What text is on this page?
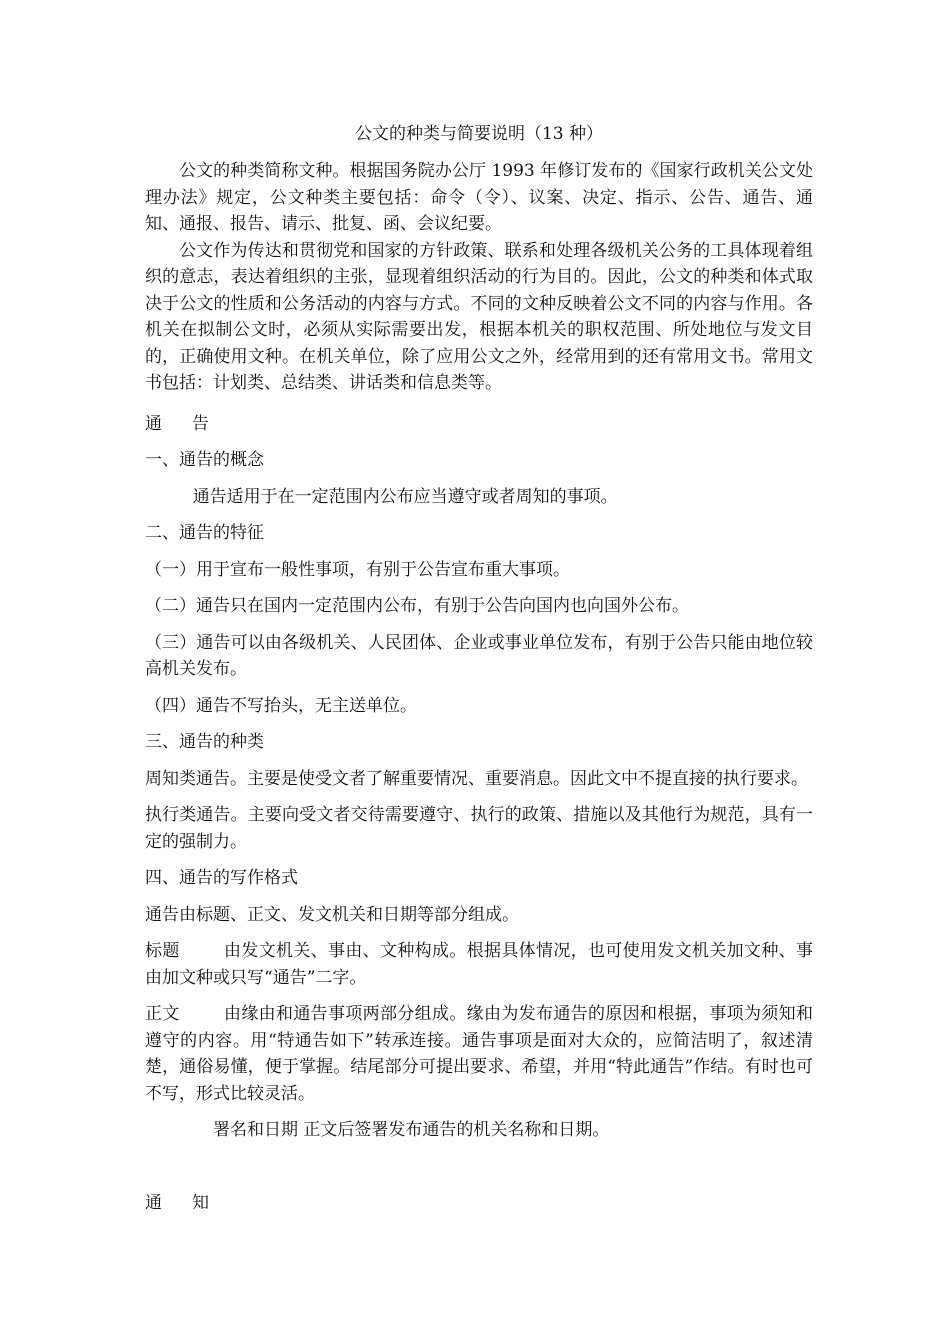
公文的种类与简要说明（13 种）

公文的种类简称文种。根据国务院办公厅 1993 年修订发布的《国家行政机关公文处理办法》规定，公文种类主要包括：命令（令）、议案、决定、指示、公告、通告、通知、通报、报告、请示、批复、函、会议纪要。

公文作为传达和贯彻党和国家的方针政策、联系和处理各级机关公务的工具体现着组织的意志，表达着组织的主张，显现着组织活动的行为目的。因此，公文的种类和体式取决于公文的性质和公务活动的内容与方式。不同的文种反映着公文不同的内容与作用。各机关在拟制公文时，必须从实际需要出发，根据本机关的职权范围、所处地位与发文目的，正确使用文种。在机关单位，除了应用公文之外，经常用到的还有常用文书。常用文书包括：计划类、总结类、讲话类和信息类等。

通 告

一、通告的概念

通告适用于在一定范围内公布应当遵守或者周知的事项。

二、通告的特征

（一）用于宣布一般性事项，有别于公告宣布重大事项。

（二）通告只在国内一定范围内公布，有别于公告向国内也向国外公布。

（三）通告可以由各级机关、人民团体、企业或事业单位发布，有别于公告只能由地位较高机关发布。

（四）通告不写抬头，无主送单位。

三、通告的种类

周知类通告。主要是使受文者了解重要情况、重要消息。因此文中不提直接的执行要求。

执行类通告。主要向受文者交待需要遵守、执行的政策、措施以及其他行为规范，具有一定的强制力。

四、通告的写作格式

通告由标题、正文、发文机关和日期等部分组成。

标题	由发文机关、事由、文种构成。根据具体情况，也可使用发文机关加文种、事由加文种或只写“通告”二字。

正文	由缘由和通告事项两部分组成。缘由为发布通告的原因和根据，事项为须知和遵守的内容。用“特通告如下”转承连接。通告事项是面对大众的，应简洁明了，叙述清楚，通俗易懂，便于掌握。结尾部分可提出要求、希望，并用“特此通告”作结。有时也可不写，形式比较灵活。

署名和日期 正文后签署发布通告的机关名称和日期。

通 知
